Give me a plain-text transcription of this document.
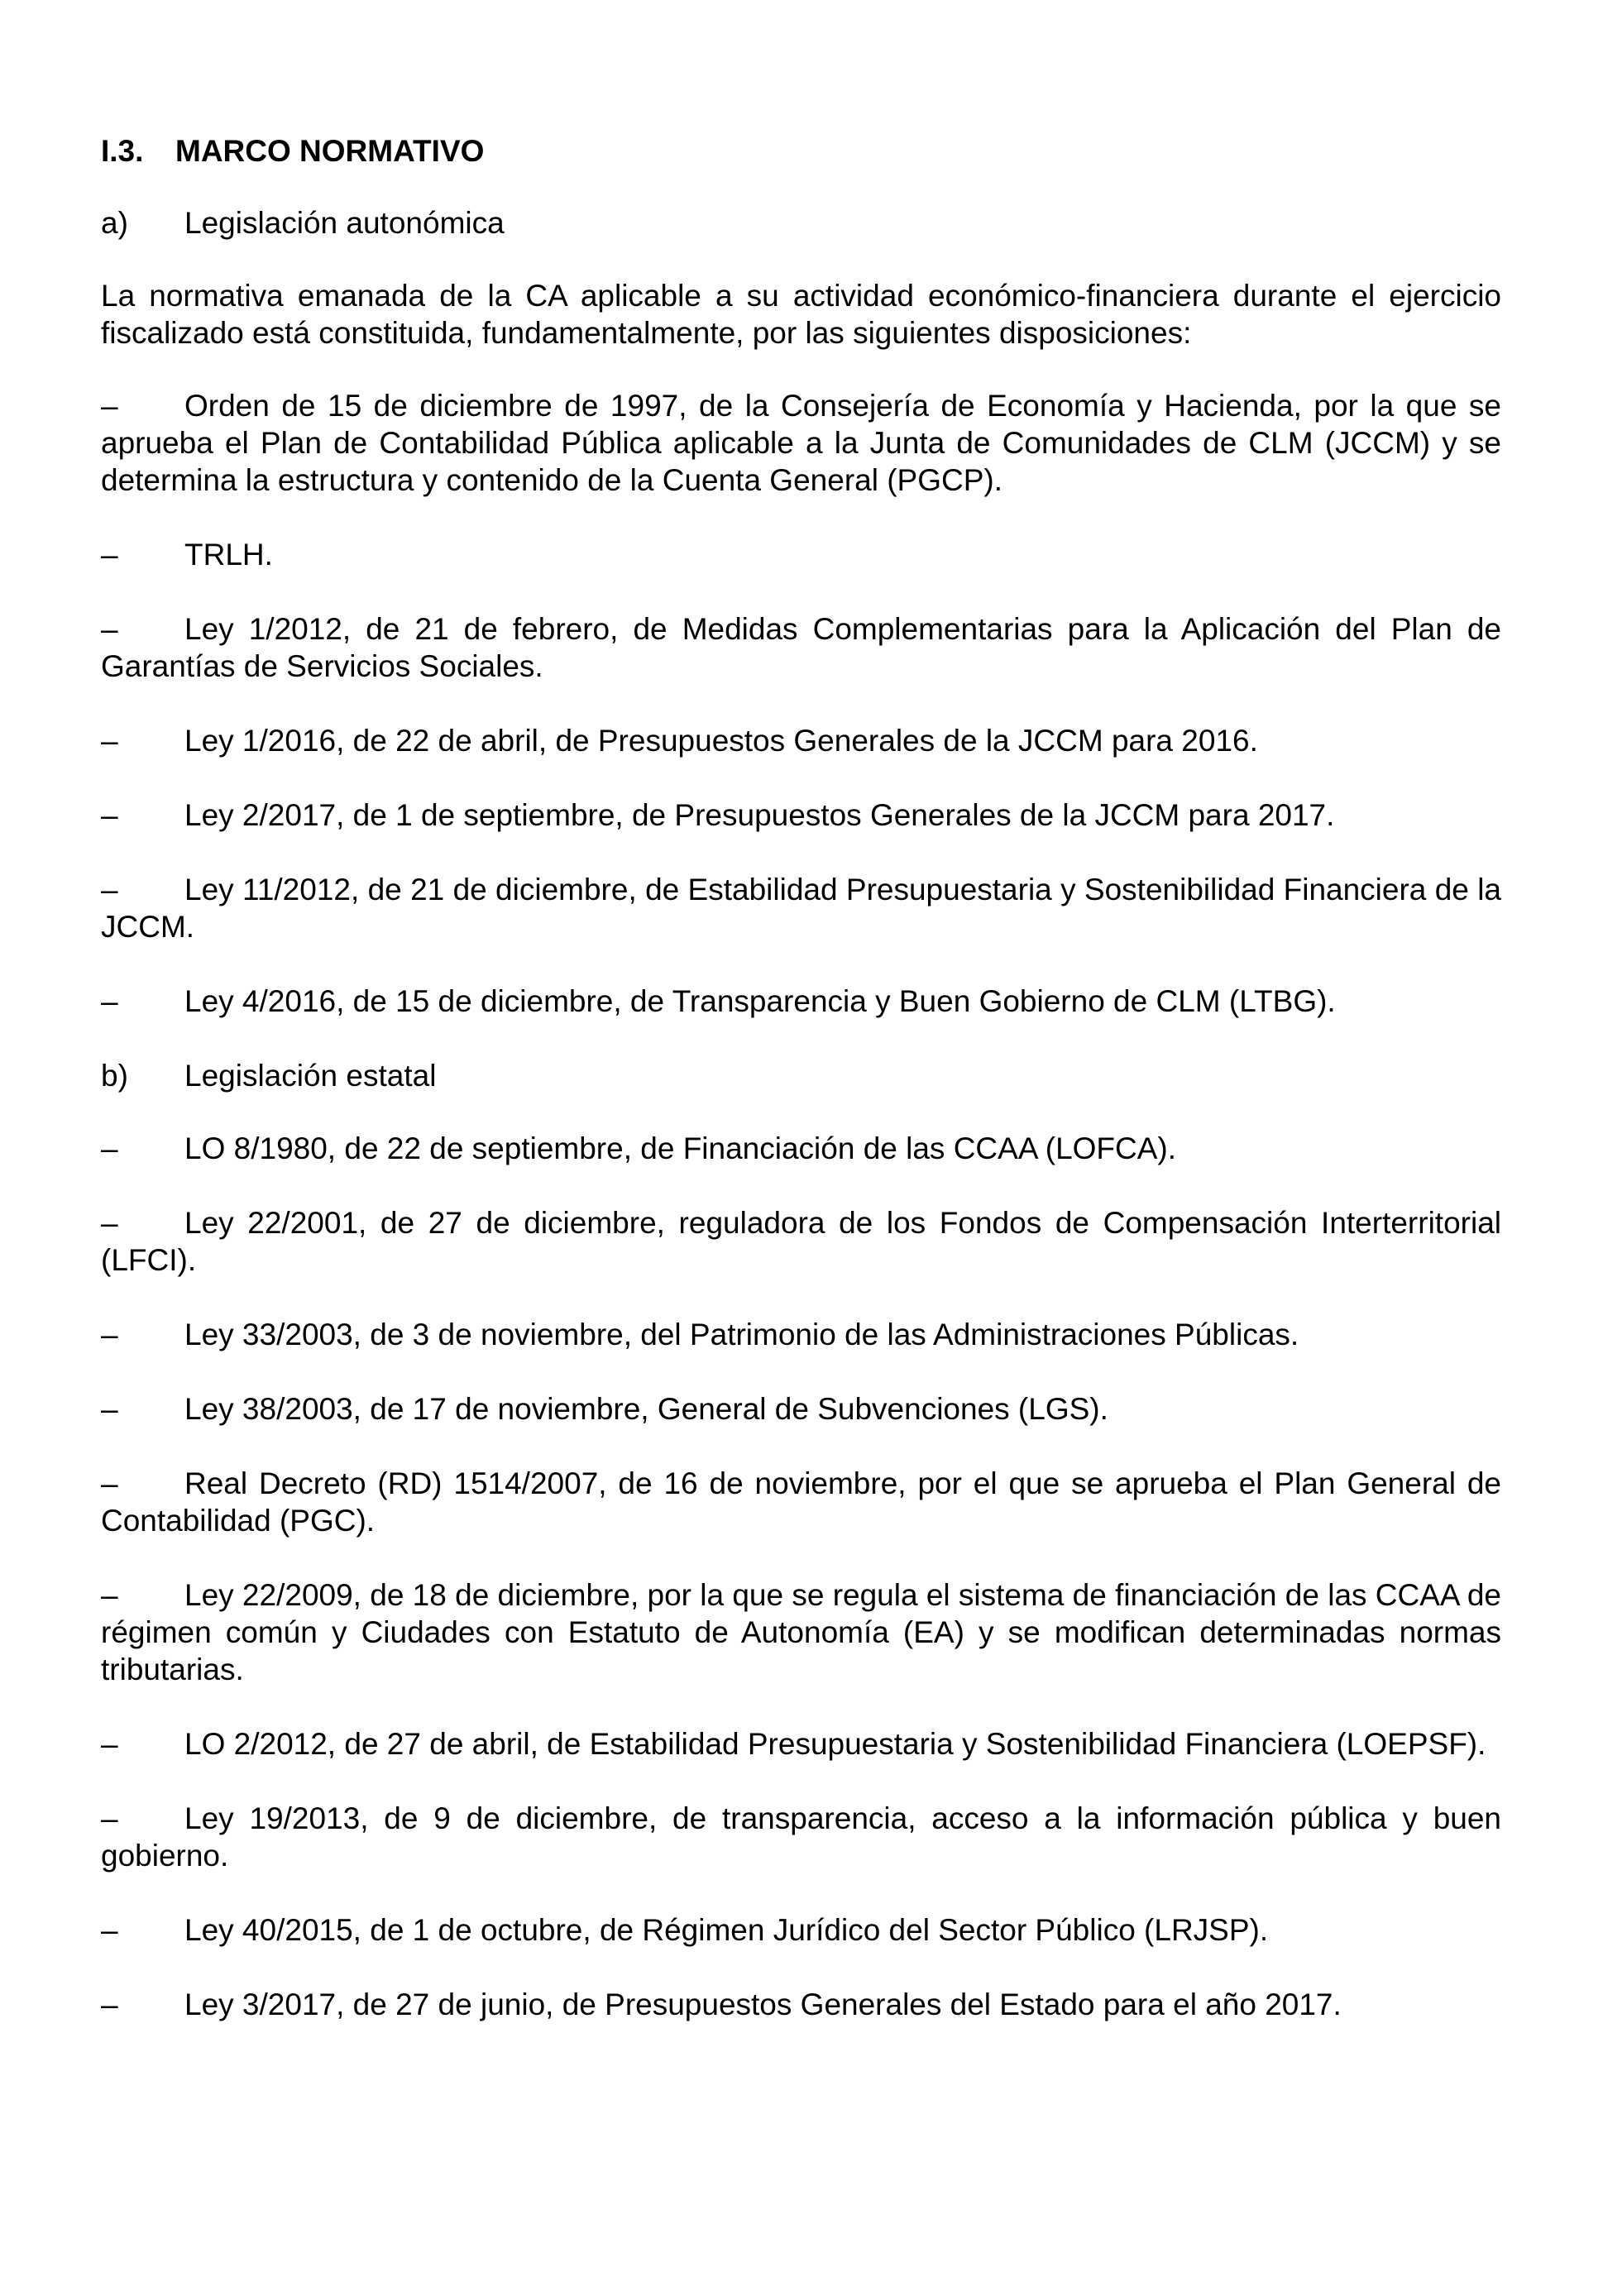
I.3.	MARCO NORMATIVO
a)	Legislación autonómica

La normativa emanada de la CA aplicable a su actividad económico-financiera durante el ejercicio fiscalizado está constituida, fundamentalmente, por las siguientes disposiciones:

– Orden de 15 de diciembre de 1997, de la Consejería de Economía y Hacienda, por la que se aprueba el Plan de Contabilidad Pública aplicable a la Junta de Comunidades de CLM (JCCM) y se determina la estructura y contenido de la Cuenta General (PGCP).

– TRLH.

– Ley 1/2012, de 21 de febrero, de Medidas Complementarias para la Aplicación del Plan de Garantías de Servicios Sociales.

– Ley 1/2016, de 22 de abril, de Presupuestos Generales de la JCCM para 2016.

– Ley 2/2017, de 1 de septiembre, de Presupuestos Generales de la JCCM para 2017.

– Ley 11/2012, de 21 de diciembre, de Estabilidad Presupuestaria y Sostenibilidad Financiera de la JCCM.

– Ley 4/2016, de 15 de diciembre, de Transparencia y Buen Gobierno de CLM (LTBG).

b)	Legislación estatal

– LO 8/1980, de 22 de septiembre, de Financiación de las CCAA (LOFCA).

– Ley 22/2001, de 27 de diciembre, reguladora de los Fondos de Compensación Interterritorial (LFCI).

– Ley 33/2003, de 3 de noviembre, del Patrimonio de las Administraciones Públicas.

– Ley 38/2003, de 17 de noviembre, General de Subvenciones (LGS).

– Real Decreto (RD) 1514/2007, de 16 de noviembre, por el que se aprueba el Plan General de Contabilidad (PGC).

– Ley 22/2009, de 18 de diciembre, por la que se regula el sistema de financiación de las CCAA de régimen común y Ciudades con Estatuto de Autonomía (EA) y se modifican determinadas normas tributarias.

– LO 2/2012, de 27 de abril, de Estabilidad Presupuestaria y Sostenibilidad Financiera (LOEPSF).

– Ley 19/2013, de 9 de diciembre, de transparencia, acceso a la información pública y buen gobierno.

– Ley 40/2015, de 1 de octubre, de Régimen Jurídico del Sector Público (LRJSP).

– Ley 3/2017, de 27 de junio, de Presupuestos Generales del Estado para el año 2017.
